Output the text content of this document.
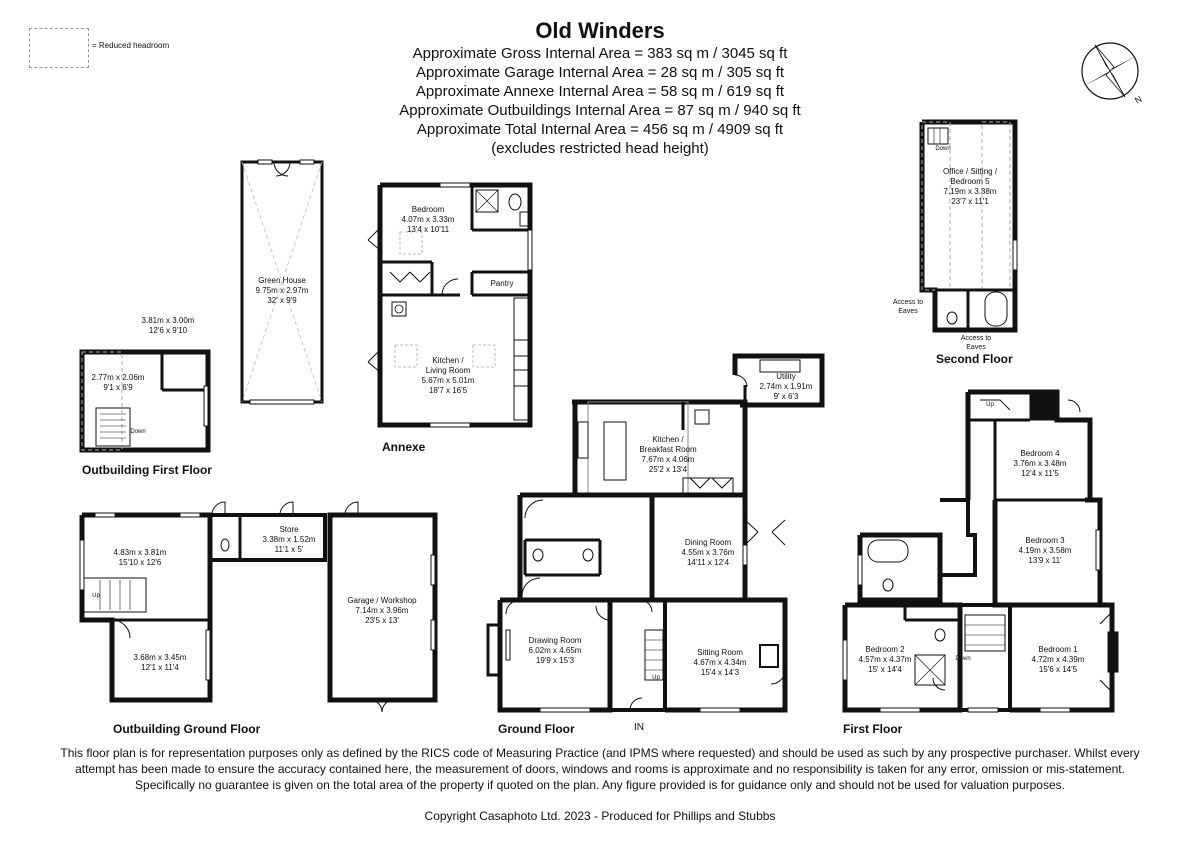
Old Winders
Approximate Gross Internal Area = 383 sq m / 3045 sq ft
Approximate Garage Internal Area = 28 sq m / 305 sq ft
Approximate Annexe Internal Area = 58 sq m / 619 sq ft
Approximate Outbuildings Internal Area = 87 sq m / 940 sq ft
Approximate Total Internal Area = 456 sq m / 4909 sq ft
(excludes restricted head height)
= Reduced headroom
N
Green House
9.75m x 2.97m
32' x 9'9
3.81m x 3.00m
12'6 x 9'10
2.77m x 2.06m
9'1 x 6'9
Down
4.83m x 3.81m
15'10 x 12'6
Up
3.68m x 3.45m
12'1 x 11'4
Store
3.38m x 1.52m
11'1 x 5'
Garage / Workshop
7.14m x 3.96m
23'5 x 13'
Bedroom
4.07m x 3.33m
13'4 x 10'11
Pantry
Kitchen /
Living Room
5.67m x 5.01m
18'7 x 16'5
Utility
2.74m x 1.91m
9' x 6'3
Kitchen /
Breakfast Room
7.67m x 4.06m
25'2 x 13'4
Dining Room
4.55m x 3.76m
14'11 x 12'4
Drawing Room
6.02m x 4.65m
19'9 x 15'3
Sitting Room
4.67m x 4.34m
15'4 x 14'3
Up
IN
Bedroom 4
3.76m x 3.48m
12'4 x 11'5
Bedroom 3
4.19m x 3.58m
13'9 x 11'
Bedroom 2
4.57m x 4.37m
15' x 14'4
Bedroom 1
4.72m x 4.39m
15'6 x 14'5
Up
Down
Office / Sitting /
Bedroom 5
7.19m x 3.38m
23'7 x 11'1
Down
Access to
Eaves
Access to
Eaves
Outbuilding First Floor
Outbuilding Ground Floor
Annexe
Ground Floor	First Floor
Second Floor
This floor plan is for representation purposes only as defined by the RICS code of Measuring Practice (and IPMS where requested) and should be used as such by any prospective purchaser. Whilst every attempt has been made to ensure the accuracy contained here, the measurement of doors, windows and rooms is approximate and no responsibility is taken for any error, omission or mis-statement. Specifically no guarantee is given on the total area of the property if quoted on the plan. Any figure provided is for guidance only and should not be used for valuation purposes.
Copyright Casaphoto Ltd. 2023 - Produced for Phillips and Stubbs
